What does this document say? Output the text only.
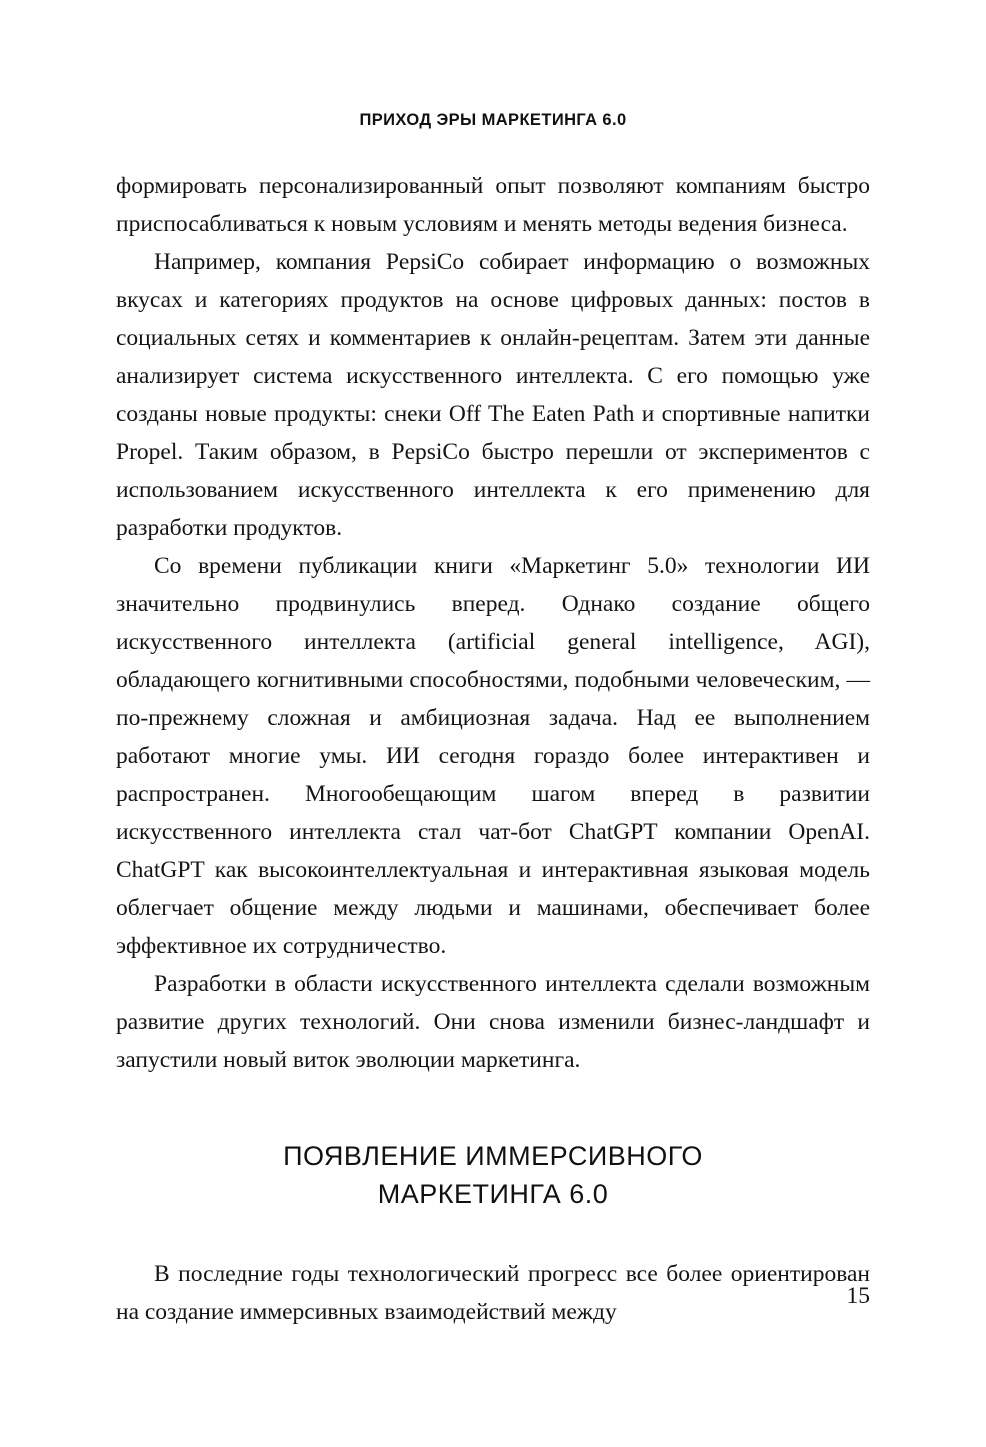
ПРИХОД ЭРЫ МАРКЕТИНГА 6.0

формировать персонализированный опыт позволяют компаниям быстро приспосабливаться к новым условиям и менять методы ведения бизнеса.

Например, компания PepsiCo собирает информацию о возможных вкусах и категориях продуктов на основе цифровых данных: постов в социальных сетях и комментариев к онлайн-рецептам. Затем эти данные анализирует система искусственного интеллекта. С его помощью уже созданы новые продукты: снеки Off The Eaten Path и спортивные напитки Propel. Таким образом, в PepsiCo быстро перешли от экспериментов с использованием искусственного интеллекта к его применению для разработки продуктов.

Со времени публикации книги «Маркетинг 5.0» технологии ИИ значительно продвинулись вперед. Однако создание общего искусственного интеллекта (artificial general intelligence, AGI), обладающего когнитивными способностями, подобными человеческим, — по-прежнему сложная и амбициозная задача. Над ее выполнением работают многие умы. ИИ сегодня гораздо более интерактивен и распространен. Многообещающим шагом вперед в развитии искусственного интеллекта стал чат-бот ChatGPT компании OpenAI. ChatGPT как высокоинтеллектуальная и интерактивная языковая модель облегчает общение между людьми и машинами, обеспечивает более эффективное их сотрудничество.

Разработки в области искусственного интеллекта сделали возможным развитие других технологий. Они снова изменили бизнес-ландшафт и запустили новый виток эволюции маркетинга.

ПОЯВЛЕНИЕ ИММЕРСИВНОГО
МАРКЕТИНГА 6.0

В последние годы технологический прогресс все более ориентирован на создание иммерсивных взаимодействий между

15
